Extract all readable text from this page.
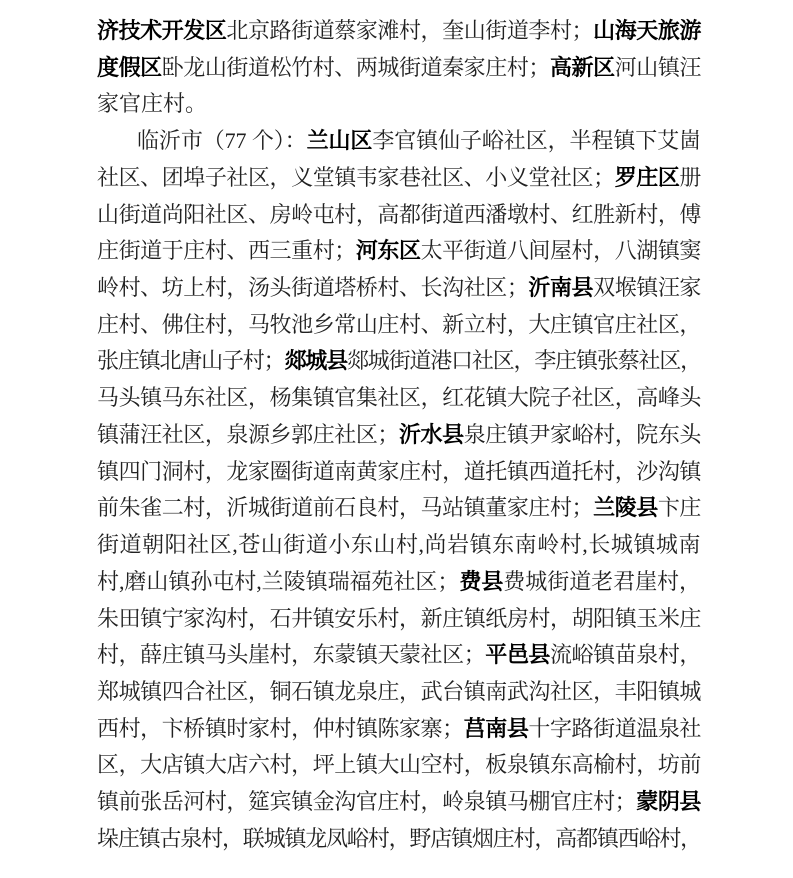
济技术开发区北京路街道蔡家滩村，奎山街道李村；山海天旅游
度假区卧龙山街道松竹村、两城街道秦家庄村；高新区河山镇汪
家官庄村。
临沂市（77 个）：兰山区李官镇仙子峪社区，半程镇下艾崮
社区、团埠子社区，义堂镇韦家巷社区、小义堂社区；罗庄区册
山街道尚阳社区、房岭屯村，高都街道西潘墩村、红胜新村，傅
庄街道于庄村、西三重村；河东区太平街道八间屋村，八湖镇窦
岭村、坊上村，汤头街道塔桥村、长沟社区；沂南县双堠镇汪家
庄村、佛住村，马牧池乡常山庄村、新立村，大庄镇官庄社区，
张庄镇北唐山子村；郯城县郯城街道港口社区，李庄镇张蔡社区，
马头镇马东社区，杨集镇官集社区，红花镇大院子社区，高峰头
镇蒲汪社区，泉源乡郭庄社区；沂水县泉庄镇尹家峪村，院东头
镇四门洞村，龙家圈街道南黄家庄村，道托镇西道托村，沙沟镇
前朱雀二村，沂城街道前石良村，马站镇董家庄村；兰陵县卞庄
街道朝阳社区,苍山街道小东山村,尚岩镇东南岭村,长城镇城南
村,磨山镇孙屯村,兰陵镇瑞福苑社区；费县费城街道老君崖村，
朱田镇宁家沟村，石井镇安乐村，新庄镇纸房村，胡阳镇玉米庄
村，薛庄镇马头崖村，东蒙镇天蒙社区；平邑县流峪镇苗泉村，
郑城镇四合社区，铜石镇龙泉庄，武台镇南武沟社区，丰阳镇城
西村，卞桥镇时家村，仲村镇陈家寨；莒南县十字路街道温泉社
区，大店镇大店六村，坪上镇大山空村，板泉镇东高榆村，坊前
镇前张岳河村，筵宾镇金沟官庄村，岭泉镇马棚官庄村；蒙阴县
垛庄镇古泉村，联城镇龙凤峪村，野店镇烟庄村，高都镇西峪村，
